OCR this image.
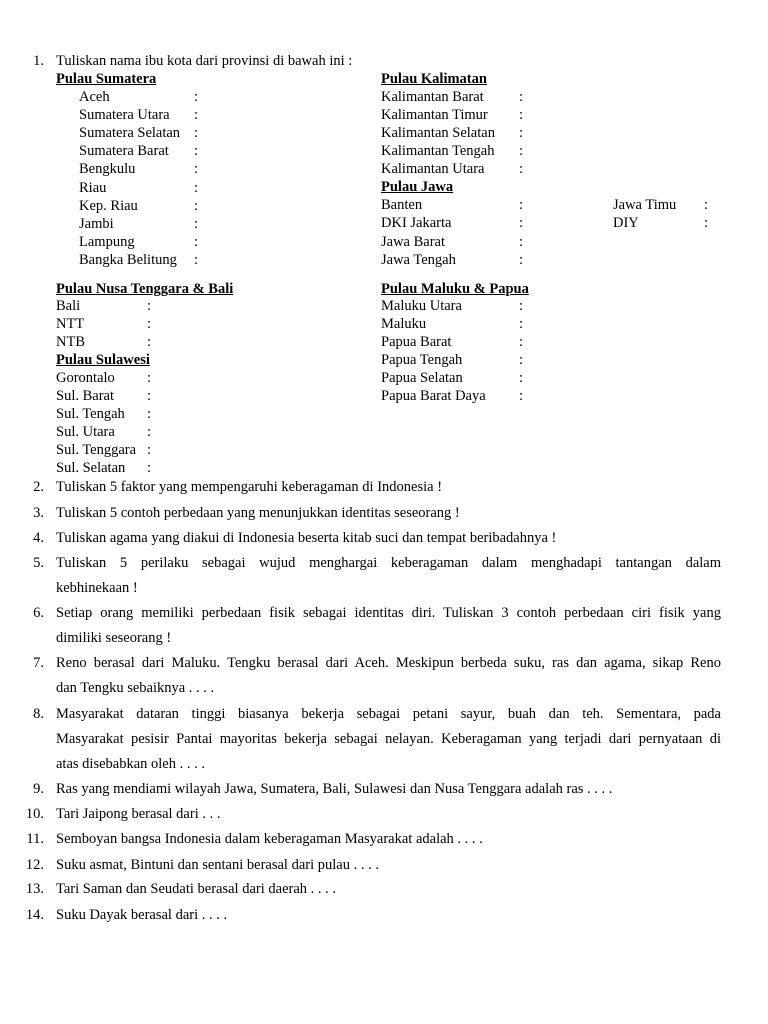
1. Tuliskan nama ibu kota dari provinsi di bawah ini :
Pulau Sumatera
Aceh	:
Sumatera Utara :
Sumatera Selatan :
Sumatera Barat :
Bengkulu	:
Riau	:
Kep. Riau	:
Jambi	:
Lampung	:
Bangka Belitung :
Pulau Kalimatan
Kalimantan Barat :
Kalimantan Timur :
Kalimantan Selatan :
Kalimantan Tengah :
Kalimantan Utara :
Pulau Jawa
Banten	:
DKI Jakarta	:
Jawa Barat	:
Jawa Tengah	:
Jawa Timu :
DIY	:
Pulau Nusa Tenggara & Bali
Bali	:
NTT	:
NTB	:
Pulau Sulawesi
Gorontalo :
Sul. Barat :
Sul. Tengah :
Sul. Utara :
Sul. Tenggara :
Sul. Selatan :
Pulau Maluku & Papua
Maluku Utara	:
Maluku	:
Papua Barat	:
Papua Tengah	:
Papua Selatan	:
Papua Barat Daya :
2. Tuliskan 5 faktor yang mempengaruhi keberagaman di Indonesia !
3. Tuliskan 5 contoh perbedaan yang menunjukkan identitas seseorang !
4. Tuliskan agama yang diakui di Indonesia beserta kitab suci dan tempat beribadahnya !
5. Tuliskan 5 perilaku sebagai wujud menghargai keberagaman dalam menghadapi tantangan dalam
kebhinekaan !
6. Setiap orang memiliki perbedaan fisik sebagai identitas diri. Tuliskan 3 contoh perbedaan ciri fisik yang
dimiliki seseorang !
7. Reno berasal dari Maluku. Tengku berasal dari Aceh. Meskipun berbeda suku, ras dan agama, sikap Reno
dan Tengku sebaiknya . . . .
8. Masyarakat dataran tinggi biasanya bekerja sebagai petani sayur, buah dan teh. Sementara, pada
Masyarakat pesisir Pantai mayoritas bekerja sebagai nelayan. Keberagaman yang terjadi dari pernyataan di
atas disebabkan oleh . . . .
9. Ras yang mendiami wilayah Jawa, Sumatera, Bali, Sulawesi dan Nusa Tenggara adalah ras . . . .
10. Tari Jaipong berasal dari . . .
11. Semboyan bangsa Indonesia dalam keberagaman Masyarakat adalah . . . .
12. Suku asmat, Bintuni dan sentani berasal dari pulau . . . .
13. Tari Saman dan Seudati berasal dari daerah . . . .
14. Suku Dayak berasal dari . . . .
